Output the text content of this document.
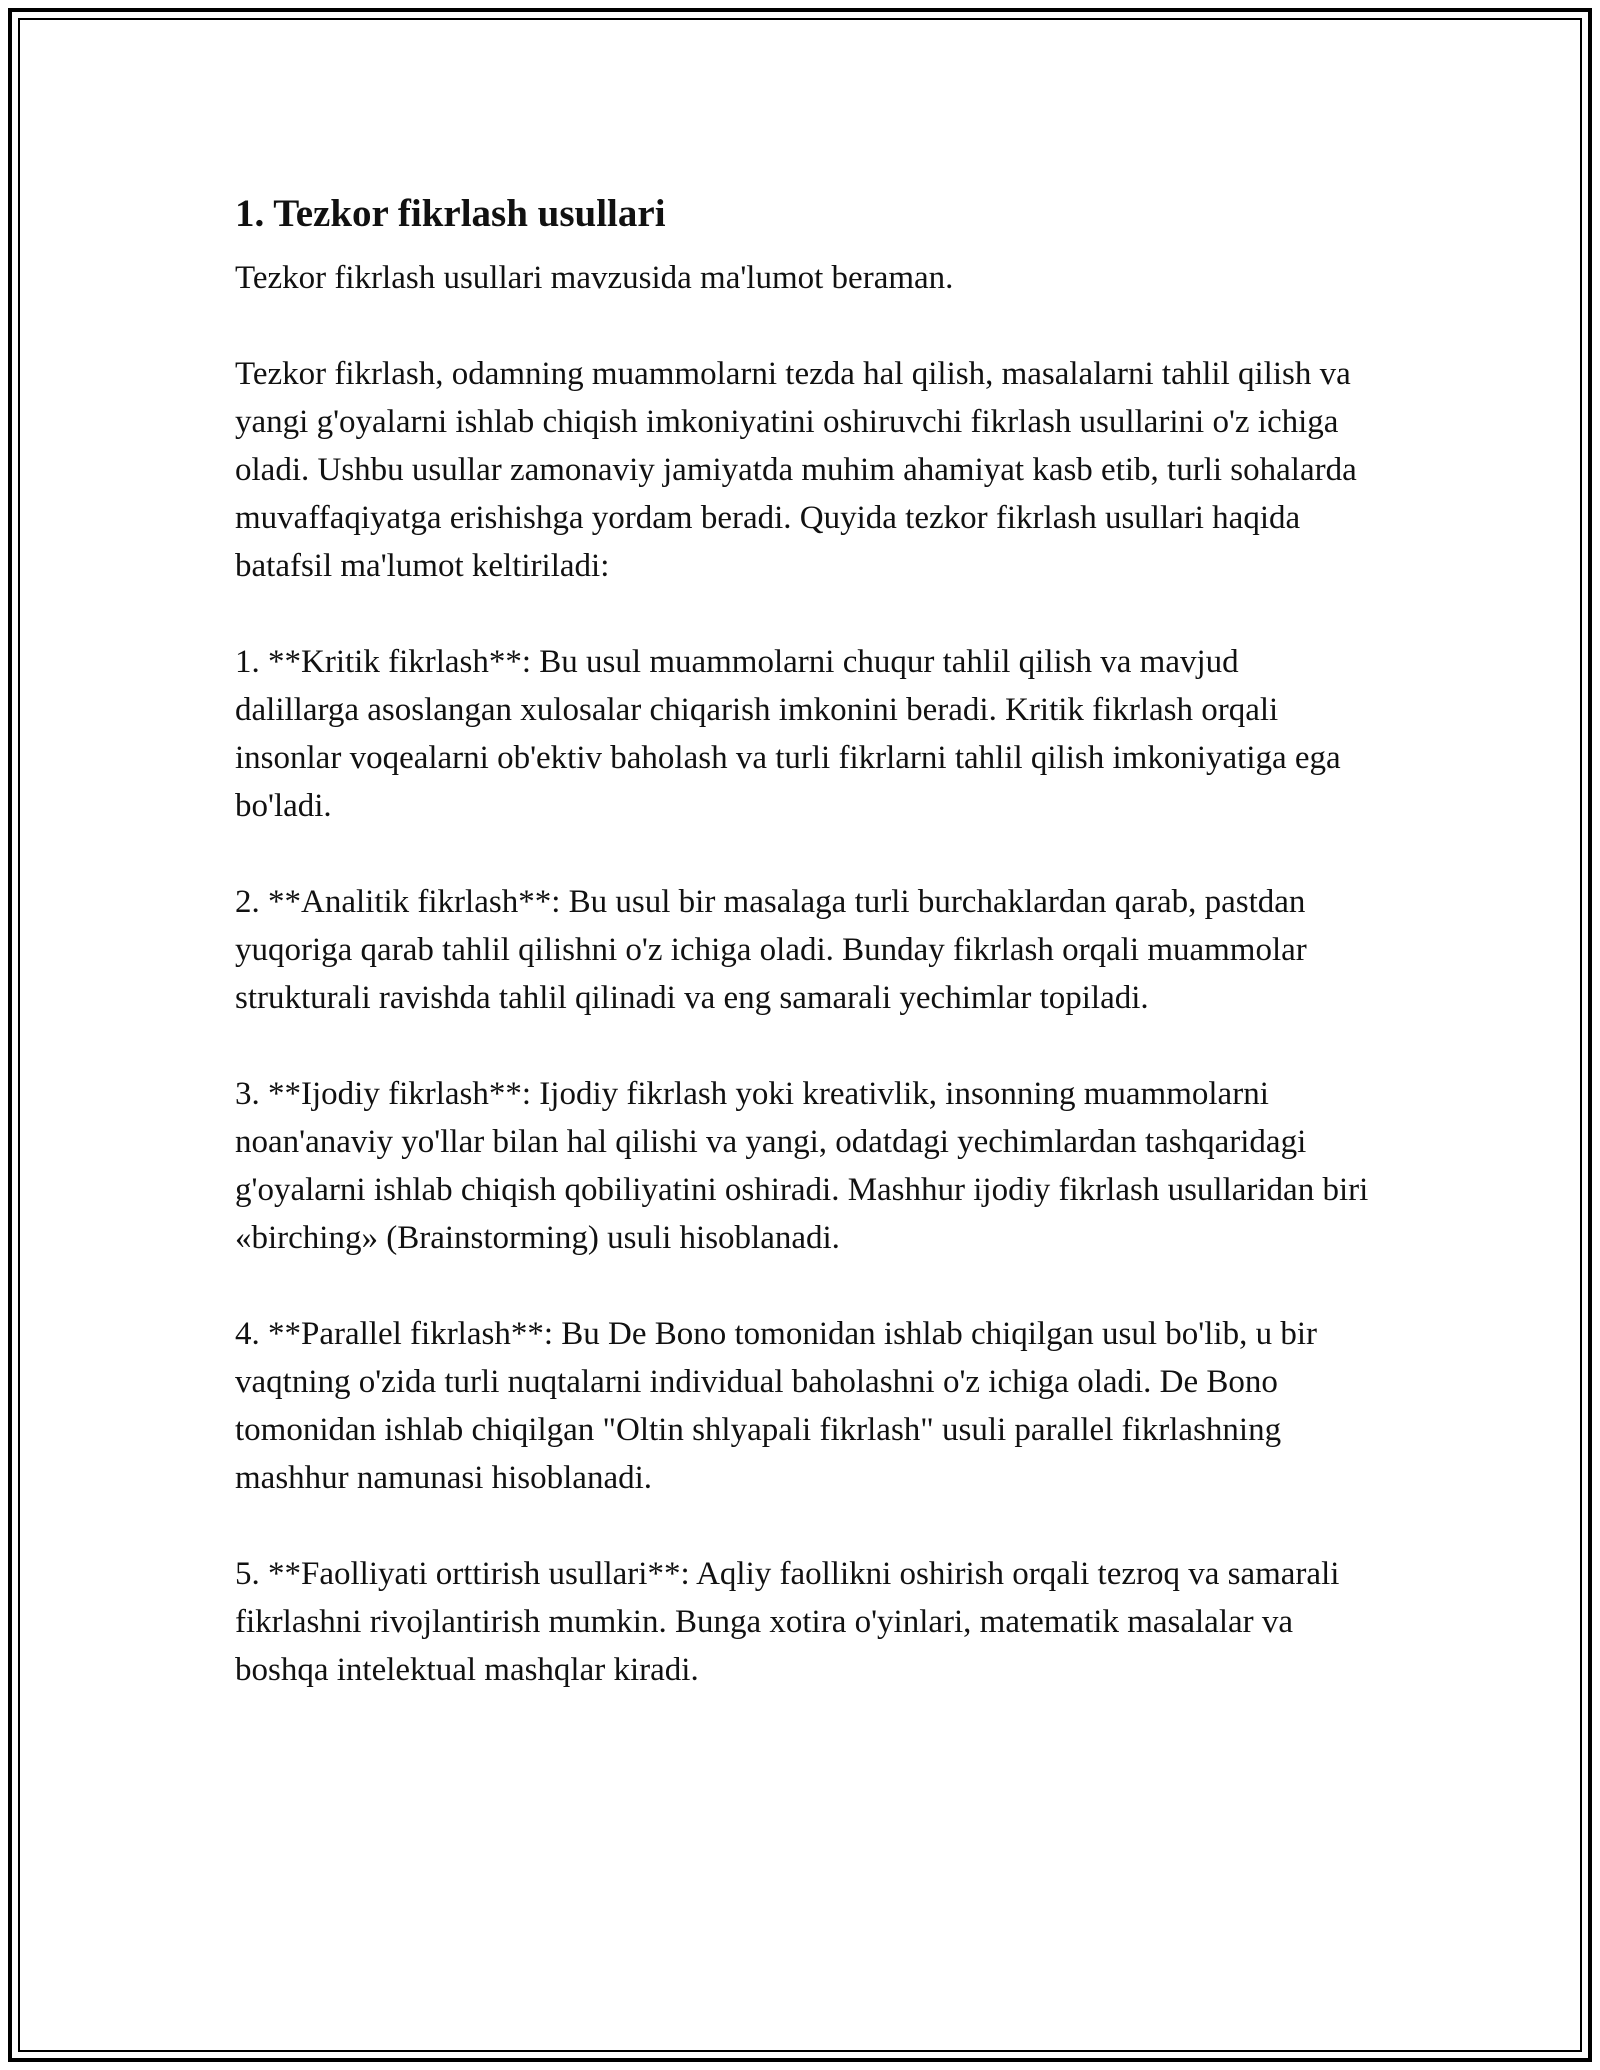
1. Tezkor fikrlash usullari

Tezkor fikrlash usullari mavzusida ma'lumot beraman.

Tezkor fikrlash, odamning muammolarni tezda hal qilish, masalalarni tahlil qilish va yangi g'oyalarni ishlab chiqish imkoniyatini oshiruvchi fikrlash usullarini o'z ichiga oladi. Ushbu usullar zamonaviy jamiyatda muhim ahamiyat kasb etib, turli sohalarda muvaffaqiyatga erishishga yordam beradi. Quyida tezkor fikrlash usullari haqida batafsil ma'lumot keltiriladi:

1. **Kritik fikrlash**: Bu usul muammolarni chuqur tahlil qilish va mavjud dalillarga asoslangan xulosalar chiqarish imkonini beradi. Kritik fikrlash orqali insonlar voqealarni ob'ektiv baholash va turli fikrlarni tahlil qilish imkoniyatiga ega bo'ladi.

2. **Analitik fikrlash**: Bu usul bir masalaga turli burchaklardan qarab, pastdan yuqoriga qarab tahlil qilishni o'z ichiga oladi. Bunday fikrlash orqali muammolar strukturali ravishda tahlil qilinadi va eng samarali yechimlar topiladi.

3. **Ijodiy fikrlash**: Ijodiy fikrlash yoki kreativlik, insonning muammolarni noan'anaviy yo'llar bilan hal qilishi va yangi, odatdagi yechimlardan tashqaridagi g'oyalarni ishlab chiqish qobiliyatini oshiradi. Mashhur ijodiy fikrlash usullaridan biri «birching» (Brainstorming) usuli hisoblanadi.

4. **Parallel fikrlash**: Bu De Bono tomonidan ishlab chiqilgan usul bo'lib, u bir vaqtning o'zida turli nuqtalarni individual baholashni o'z ichiga oladi. De Bono tomonidan ishlab chiqilgan "Oltin shlyapali fikrlash" usuli parallel fikrlashning mashhur namunasi hisoblanadi.

5. **Faolliyati orttirish usullari**: Aqliy faollikni oshirish orqali tezroq va samarali fikrlashni rivojlantirish mumkin. Bunga xotira o'yinlari, matematik masalalar va boshqa intelektual mashqlar kiradi.
